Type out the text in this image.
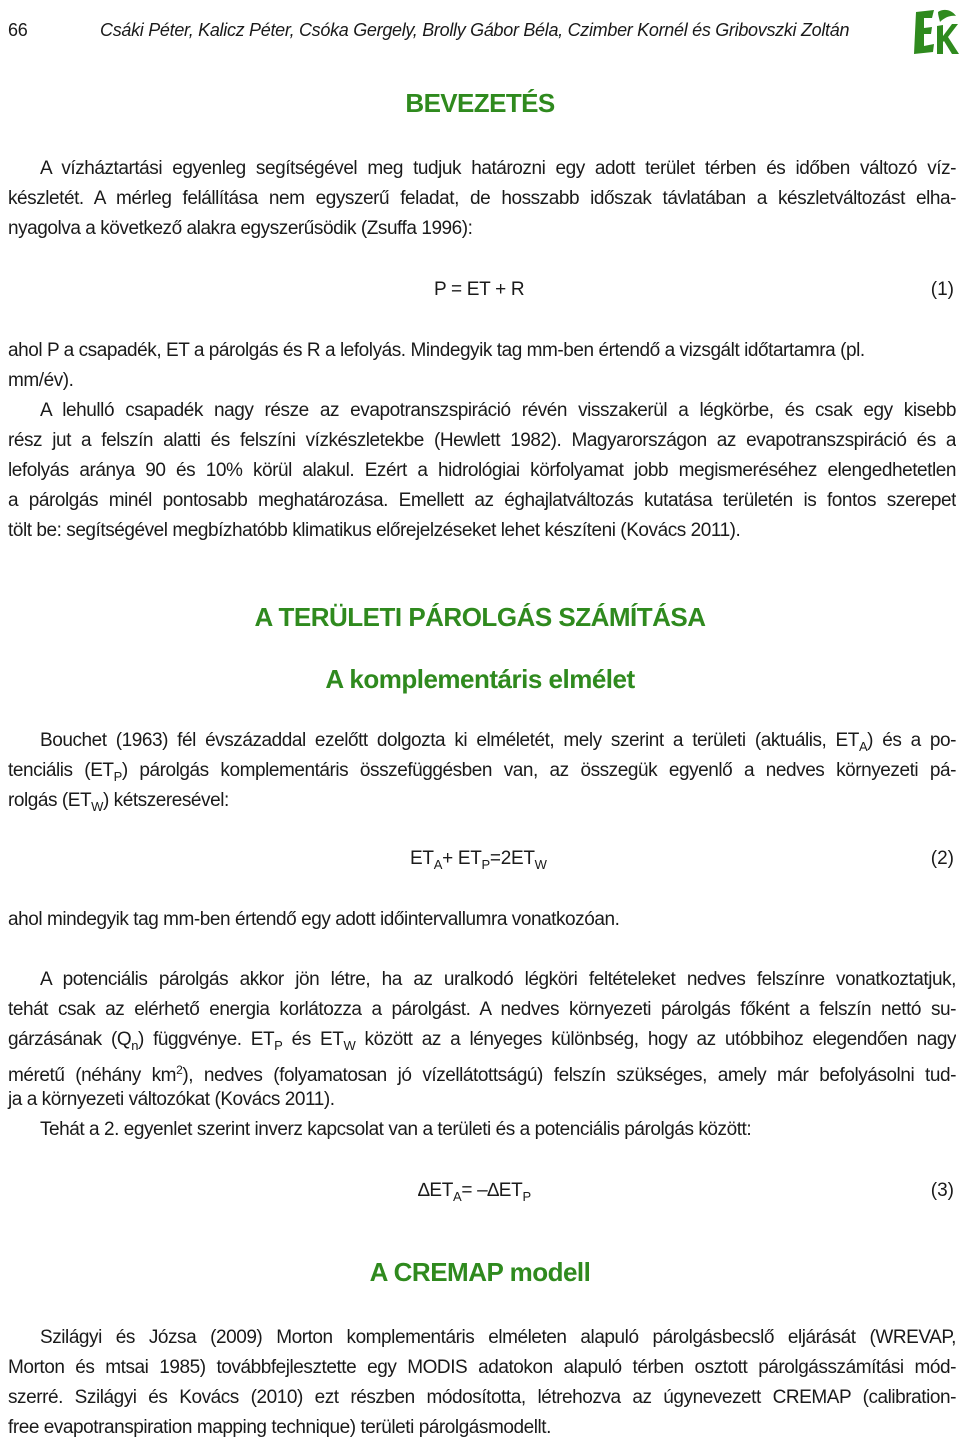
66	Csáki Péter, Kalicz Péter, Csóka Gergely, Brolly Gábor Béla, Czimber Kornél és Gribovszki Zoltán
BEVEZETÉS
A vízháztartási egyenleg segítségével meg tudjuk határozni egy adott terület térben és időben változó víz-
készletét. A mérleg felállítása nem egyszerű feladat, de hosszabb időszak távlatában a készletváltozást elha-
nyagolva a következő alakra egyszerűsödik (Zsuffa 1996):
P = ET + R	(1)
ahol P a csapadék, ET a párolgás és R a lefolyás. Mindegyik tag mm-ben értendő a vizsgált időtartamra (pl.
mm/év).
A lehulló csapadék nagy része az evapotranszspiráció révén visszakerül a légkörbe, és csak egy kisebb
rész jut a felszín alatti és felszíni vízkészletekbe (Hewlett 1982). Magyarországon az evapotranszspiráció és a
lefolyás aránya 90 és 10% körül alakul. Ezért a hidrológiai körfolyamat jobb megismeréséhez elengedhetetlen
a párolgás minél pontosabb meghatározása. Emellett az éghajlatváltozás kutatása területén is fontos szerepet
tölt be: segítségével megbízhatóbb klimatikus előrejelzéseket lehet készíteni (Kovács 2011).
A TERÜLETI PÁROLGÁS SZÁMÍTÁSA
A komplementáris elmélet
Bouchet (1963) fél évszázaddal ezelőtt dolgozta ki elméletét, mely szerint a területi (aktuális, $ET_A$) és a po-
tenciális $(ET_P)$ párolgás komplementáris összefüggésben van, az összegük egyenlő a nedves környezeti pá-
rolgás $(ET_W)$ kétszeresével:
$ET_A+ ET_P=2ET_W$	(2)
ahol mindegyik tag mm-ben értendő egy adott időintervallumra vonatkozóan.
A potenciális párolgás akkor jön létre, ha az uralkodó légköri feltételeket nedves felszínre vonatkoztatjuk,
tehát csak az elérhető energia korlátozza a párolgást. A nedves környezeti párolgás főként a felszín nettó su-
gárzásának $(Q_n)$ függvénye. $ET_P$ és $ET_W$ között az a lényeges különbség, hogy az utóbbihoz elegendően nagy
méretű (néhány $km^2$), nedves (folyamatosan jó vízellátottságú) felszín szükséges, amely már befolyásolni tud-
ja a környezeti változókat (Kovács 2011).
Tehát a 2. egyenlet szerint inverz kapcsolat van a területi és a potenciális párolgás között:
$\Delta ET_A= -\Delta ET_P$	(3)
A CREMAP modell
Szilágyi és Józsa (2009) Morton komplementáris elméleten alapuló párolgásbecslő eljárását (WREVAP,
Morton és mtsai 1985) továbbfejlesztette egy MODIS adatokon alapuló térben osztott párolgásszámítási mód-
szerré. Szilágyi és Kovács (2010) ezt részben módosította, létrehozva az úgynevezett CREMAP (calibration-
free evapotranspiration mapping technique) területi párolgásmodellt.
